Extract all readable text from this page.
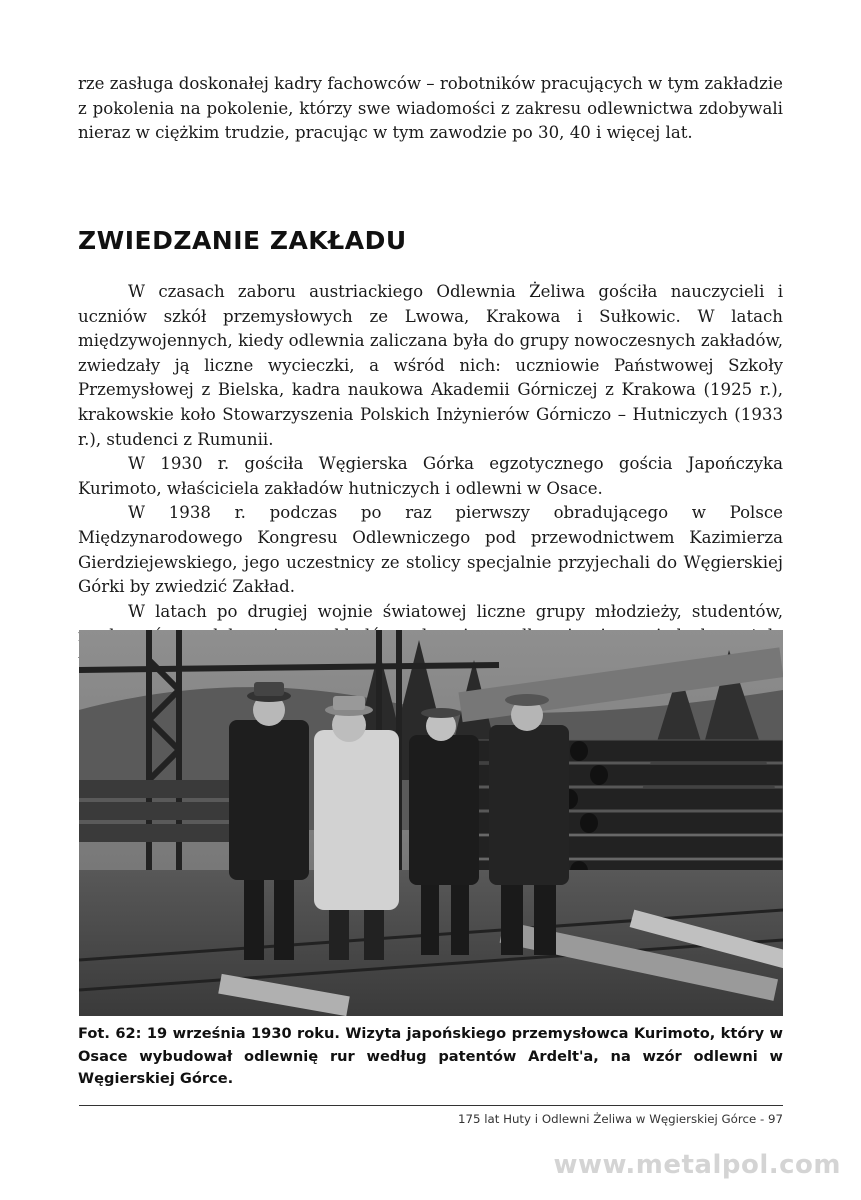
rze zasługa doskonałej kadry fachowców – robotników pracujących w tym zakładzie z pokolenia na pokolenie, którzy swe wiadomości z zakresu odlewnictwa zdobywali nieraz w ciężkim trudzie, pracując w tym zawodzie po 30, 40 i więcej lat.

ZWIEDZANIE ZAKŁADU

W czasach zaboru austriackiego Odlewnia Żeliwa gościła nauczycieli i uczniów szkół przemysłowych ze Lwowa, Krakowa i Sułkowic. W latach międzywojennych, kiedy odlewnia zaliczana była do grupy nowoczesnych zakładów, zwiedzały ją liczne wycieczki, a wśród nich: uczniowie Państwowej Szkoły Przemysłowej z Bielska, kadra naukowa Akademii Górniczej z Krakowa (1925 r.), krakowskie koło Stowarzyszenia Polskich Inżynierów Górniczo – Hutniczych (1933 r.), studenci z Rumunii.

W 1930 r. gościła Węgierska Górka egzotycznego gościa Japończyka Kurimoto, właściciela zakładów hutniczych i odlewni w Osace.

W 1938 r. podczas po raz pierwszy obradującego w Polsce Międzynarodowego Kongresu Odlewniczego pod przewodnictwem Kazimierza Gierdziejewskiego, jego uczestnicy ze stolicy specjalnie przyjechali do Węgierskiej Górki by zwiedzić Zakład.

W latach po drugiej wojnie światowej liczne grupy młodzieży, studentów,

Fot. 62: 19 września 1930 roku. Wizyta japońskiego przemysłowca Kurimoto, który w Osace wybudował odlewnię rur według patentów Ardelt'a, na wzór odlewni w Węgierskiej Górce.

175 lat Huty i Odlewni Żeliwa w Węgierskiej Górce - 97
www.metalpol.com
